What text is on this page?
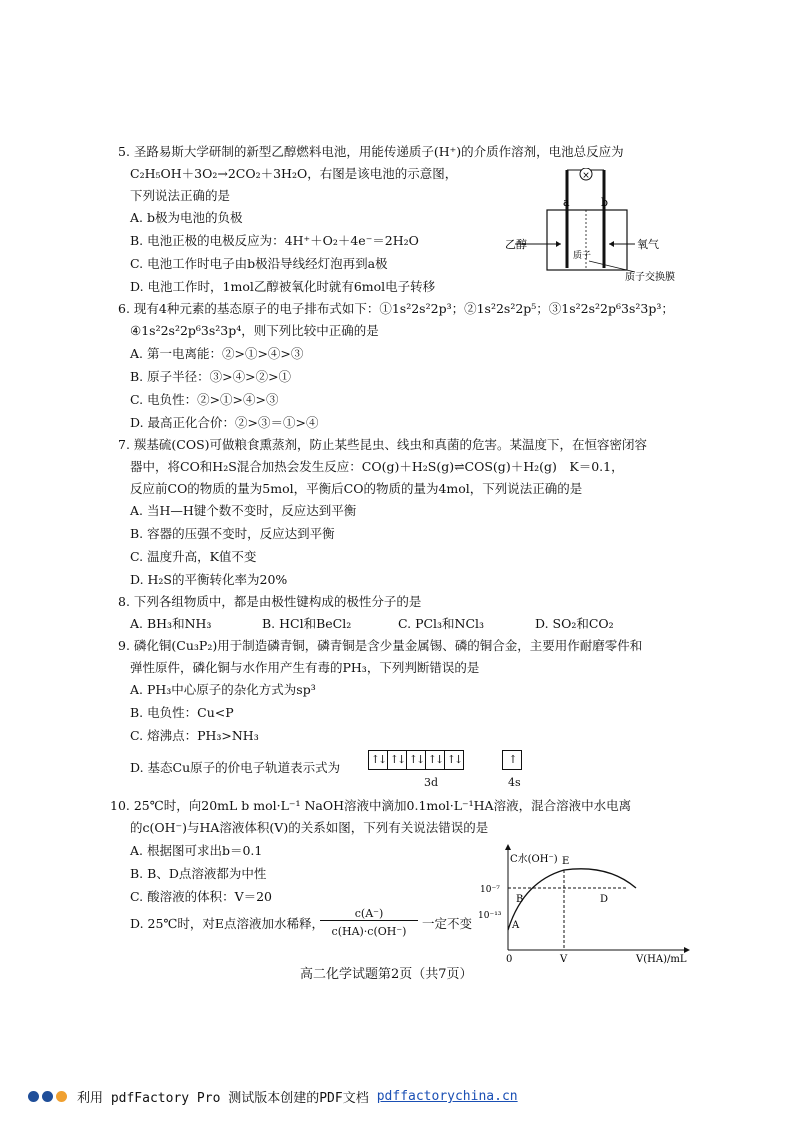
5. 圣路易斯大学研制的新型乙醇燃料电池，用能传递质子(H⁺)的介质作溶剂，电池总反应为
C₂H₅OH＋3O₂→2CO₂＋3H₂O，右图是该电池的示意图，
下列说法正确的是
A. b极为电池的负极
B. 电池正极的电极反应为：4H⁺＋O₂＋4e⁻＝2H₂O
C. 电池工作时电子由b极沿导线经灯泡再到a极
D. 电池工作时，1mol乙醇被氧化时就有6mol电子转移
×
a	b
乙醇	氧气
质子
质子交换膜
6. 现有4种元素的基态原子的电子排布式如下：①1s²2s²2p³；②1s²2s²2p⁵；③1s²2s²2p⁶3s²3p³；
④1s²2s²2p⁶3s²3p⁴，则下列比较中正确的是
A. 第一电离能：②>①>④>③
B. 原子半径：③>④>②>①
C. 电负性：②>①>④>③
D. 最高正化合价：②>③＝①>④
7. 羰基硫(COS)可做粮食熏蒸剂，防止某些昆虫、线虫和真菌的危害。某温度下，在恒容密闭容
器中，将CO和H₂S混合加热会发生反应：CO(g)＋H₂S(g)⇌COS(g)＋H₂(g)　K＝0.1，
反应前CO的物质的量为5mol，平衡后CO的物质的量为4mol，下列说法正确的是
A. 当H—H键个数不变时，反应达到平衡
B. 容器的压强不变时，反应达到平衡
C. 温度升高，K值不变
D. H₂S的平衡转化率为20%
8. 下列各组物质中，都是由极性键构成的极性分子的是
A. BH₃和NH₃	B. HCl和BeCl₂	C. PCl₃和NCl₃	D. SO₂和CO₂
9. 磷化铜(Cu₃P₂)用于制造磷青铜，磷青铜是含少量金属锡、磷的铜合金，主要用作耐磨零件和
弹性原件，磷化铜与水作用产生有毒的PH₃，下列判断错误的是
A. PH₃中心原子的杂化方式为sp³
B. 电负性：Cu<P
C. 熔沸点：PH₃>NH₃
D. 基态Cu原子的价电子轨道表示式为
↑↓ ↑↓ ↑↓ ↑↓ ↑↓	↑
3d	4s
10. 25℃时，向20mL b mol·L⁻¹ NaOH溶液中滴加0.1mol·L⁻¹HA溶液，混合溶液中水电离
的c(OH⁻)与HA溶液体积(V)的关系如图，下列有关说法错误的是
A. 根据图可求出b＝0.1
B. B、D点溶液都为中性
C. 酸溶液的体积：V＝20
D. 25℃时，对E点溶液加水稀释，
c(A⁻)
c(HA)·c(OH⁻)
一定不变
C水(OH⁻)
10⁻⁷
10⁻¹³
0	V	V(HA)/mL
A
B	D
E
高二化学试题第2页（共7页）
利用 pdfFactory Pro 测试版本创建的PDF文档 pdffactorychina.cn
